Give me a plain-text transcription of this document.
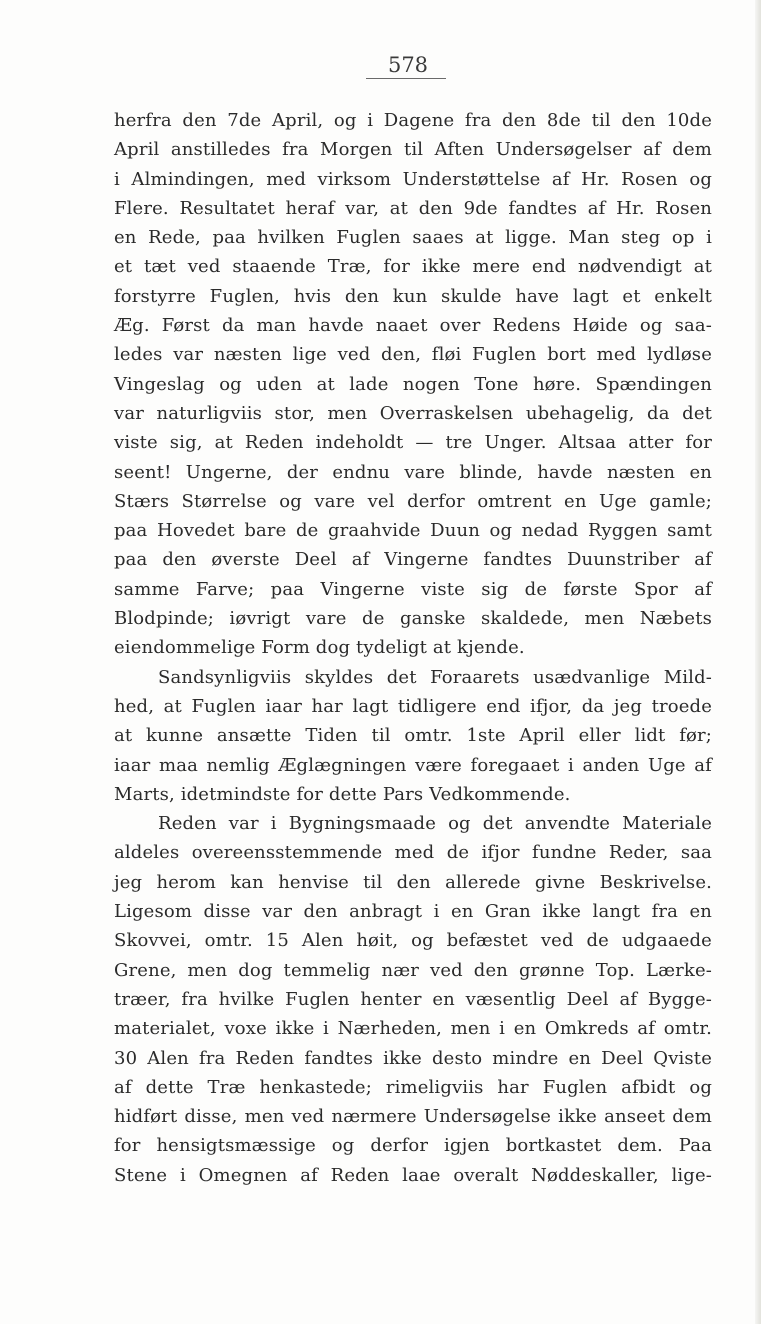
578
herfra den 7de April, og i Dagene fra den 8de til den 10de
April anstilledes fra Morgen til Aften Undersøgelser af dem
i Almindingen, med virksom Understøttelse af Hr. Rosen og
Flere. Resultatet heraf var, at den 9de fandtes af Hr. Rosen
en Rede, paa hvilken Fuglen saaes at ligge. Man steg op i
et tæt ved staaende Træ, for ikke mere end nødvendigt at
forstyrre Fuglen, hvis den kun skulde have lagt et enkelt
Æg. Først da man havde naaet over Redens Høide og saa-
ledes var næsten lige ved den, fløi Fuglen bort med lydløse
Vingeslag og uden at lade nogen Tone høre. Spændingen
var naturligviis stor, men Overraskelsen ubehagelig, da det
viste sig, at Reden indeholdt — tre Unger. Altsaa atter for
seent! Ungerne, der endnu vare blinde, havde næsten en
Stærs Størrelse og vare vel derfor omtrent en Uge gamle;
paa Hovedet bare de graahvide Duun og nedad Ryggen samt
paa den øverste Deel af Vingerne fandtes Duunstriber af
samme Farve; paa Vingerne viste sig de første Spor af
Blodpinde; iøvrigt vare de ganske skaldede, men Næbets
eiendommelige Form dog tydeligt at kjende.
Sandsynligviis skyldes det Foraarets usædvanlige Mild-
hed, at Fuglen iaar har lagt tidligere end ifjor, da jeg troede
at kunne ansætte Tiden til omtr. 1ste April eller lidt før;
iaar maa nemlig Æglægningen være foregaaet i anden Uge af
Marts, idetmindste for dette Pars Vedkommende.
Reden var i Bygningsmaade og det anvendte Materiale
aldeles overeensstemmende med de ifjor fundne Reder, saa
jeg herom kan henvise til den allerede givne Beskrivelse.
Ligesom disse var den anbragt i en Gran ikke langt fra en
Skovvei, omtr. 15 Alen høit, og befæstet ved de udgaaede
Grene, men dog temmelig nær ved den grønne Top. Lærke-
træer, fra hvilke Fuglen henter en væsentlig Deel af Bygge-
materialet, voxe ikke i Nærheden, men i en Omkreds af omtr.
30 Alen fra Reden fandtes ikke desto mindre en Deel Qviste
af dette Træ henkastede; rimeligviis har Fuglen afbidt og
hidført disse, men ved nærmere Undersøgelse ikke anseet dem
for hensigtsmæssige og derfor igjen bortkastet dem. Paa
Stene i Omegnen af Reden laae overalt Nøddeskaller, lige-
